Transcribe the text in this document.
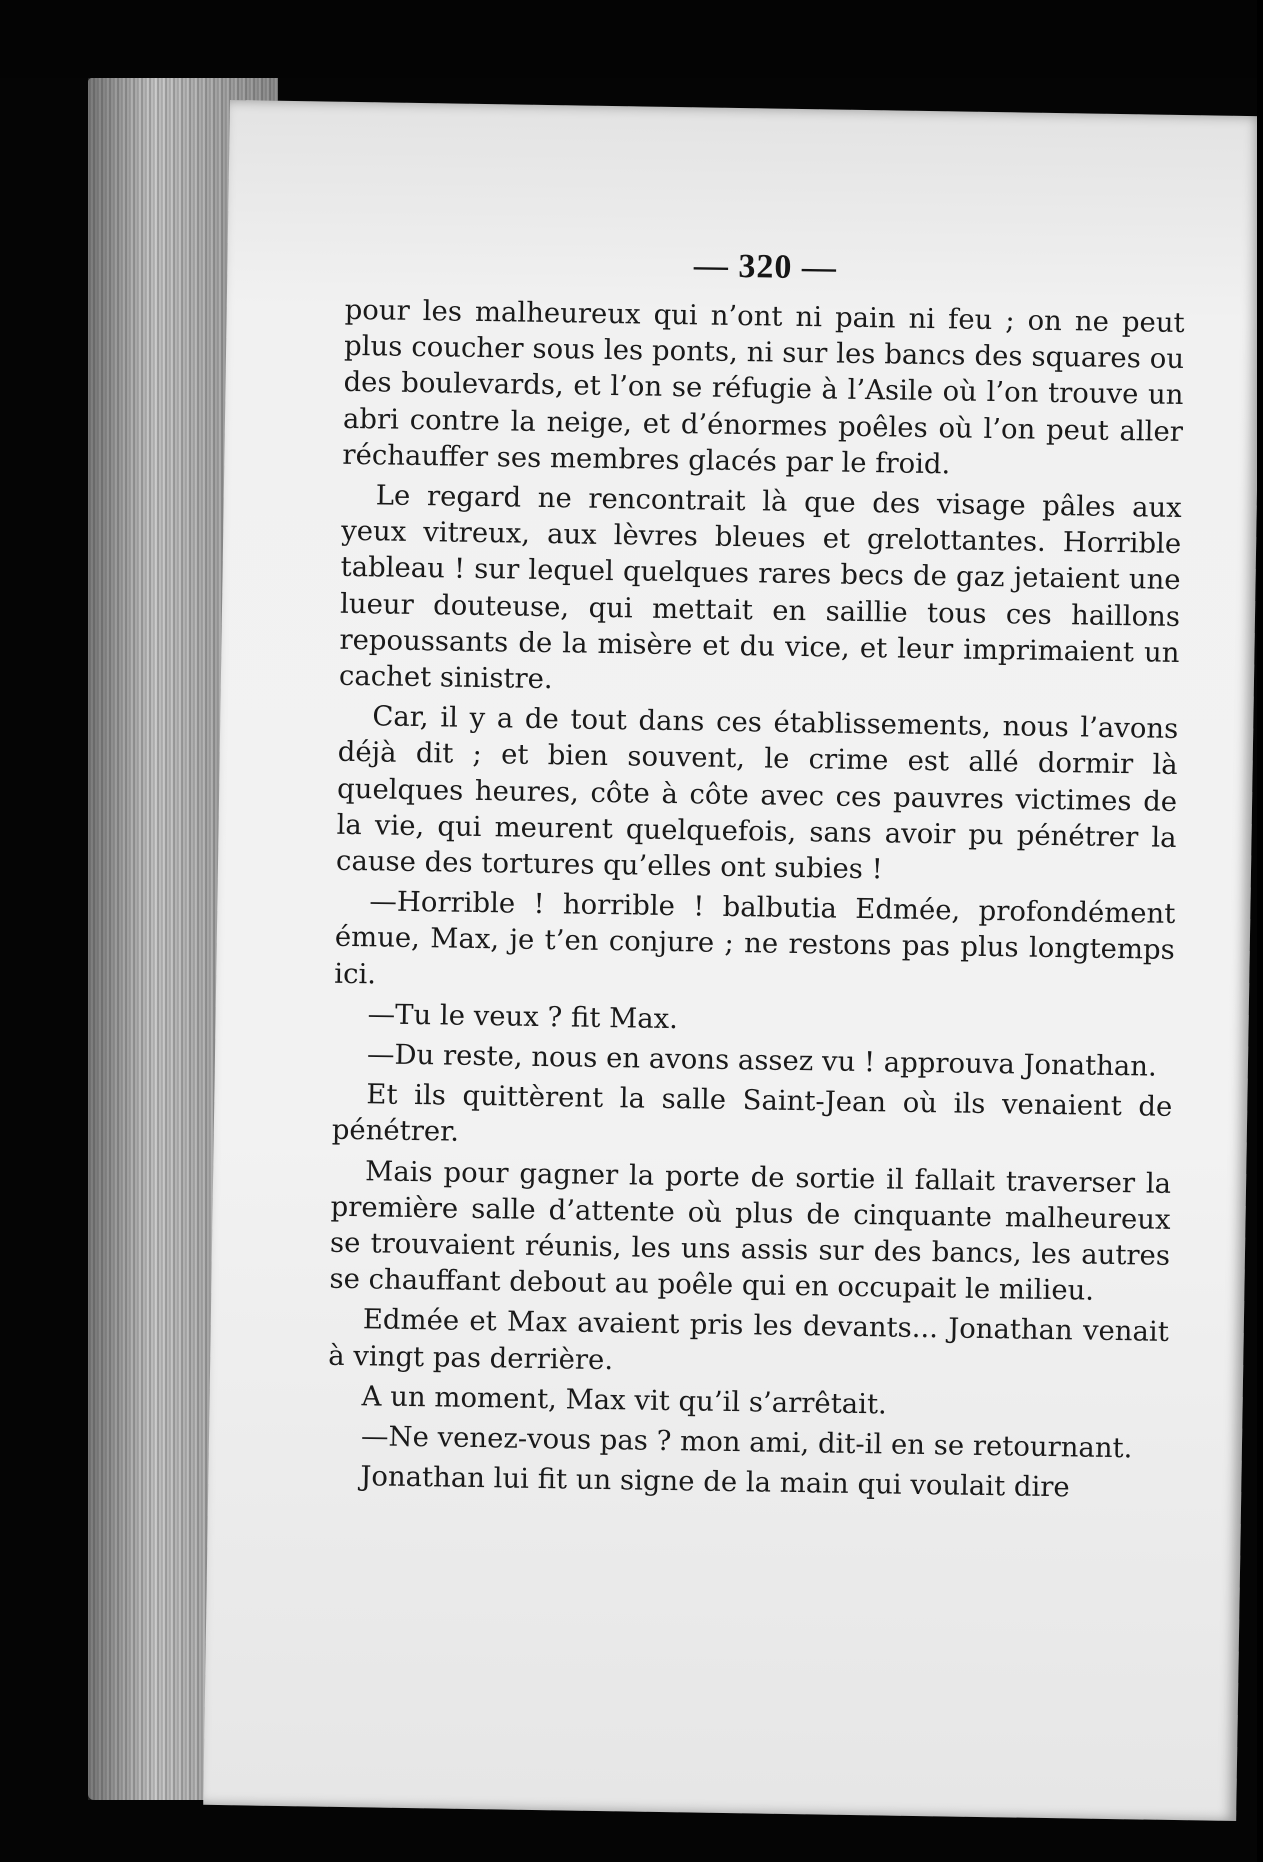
— 320 —

pour les malheureux qui n’ont ni pain ni feu ; on ne peut plus coucher sous les ponts, ni sur les bancs des squares ou des boulevards, et l’on se réfugie à l’Asile où l’on trouve un abri contre la neige, et d’énormes poêles où l’on peut aller réchauffer ses membres glacés par le froid.

Le regard ne rencontrait là que des visage pâles aux yeux vitreux, aux lèvres bleues et grelottantes. Horrible tableau ! sur lequel quelques rares becs de gaz jetaient une lueur douteuse, qui mettait en saillie tous ces haillons repoussants de la misère et du vice, et leur imprimaient un cachet sinistre.

Car, il y a de tout dans ces établissements, nous l’avons déjà dit ; et bien souvent, le crime est allé dormir là quelques heures, côte à côte avec ces pauvres victimes de la vie, qui meurent quelquefois, sans avoir pu pénétrer la cause des tortures qu’elles ont subies !

—Horrible ! horrible ! balbutia Edmée, profondément émue, Max, je t’en conjure ; ne restons pas plus longtemps ici.

—Tu le veux ? fit Max.

—Du reste, nous en avons assez vu ! approuva Jonathan.

Et ils quittèrent la salle Saint-Jean où ils venaient de pénétrer.

Mais pour gagner la porte de sortie il fallait traverser la première salle d’attente où plus de cinquante malheureux se trouvaient réunis, les uns assis sur des bancs, les autres se chauffant debout au poêle qui en occupait le milieu.

Edmée et Max avaient pris les devants... Jonathan venait à vingt pas derrière.

A un moment, Max vit qu’il s’arrêtait.

—Ne venez-vous pas ? mon ami, dit-il en se retournant.

Jonathan lui fit un signe de la main qui voulait dire
